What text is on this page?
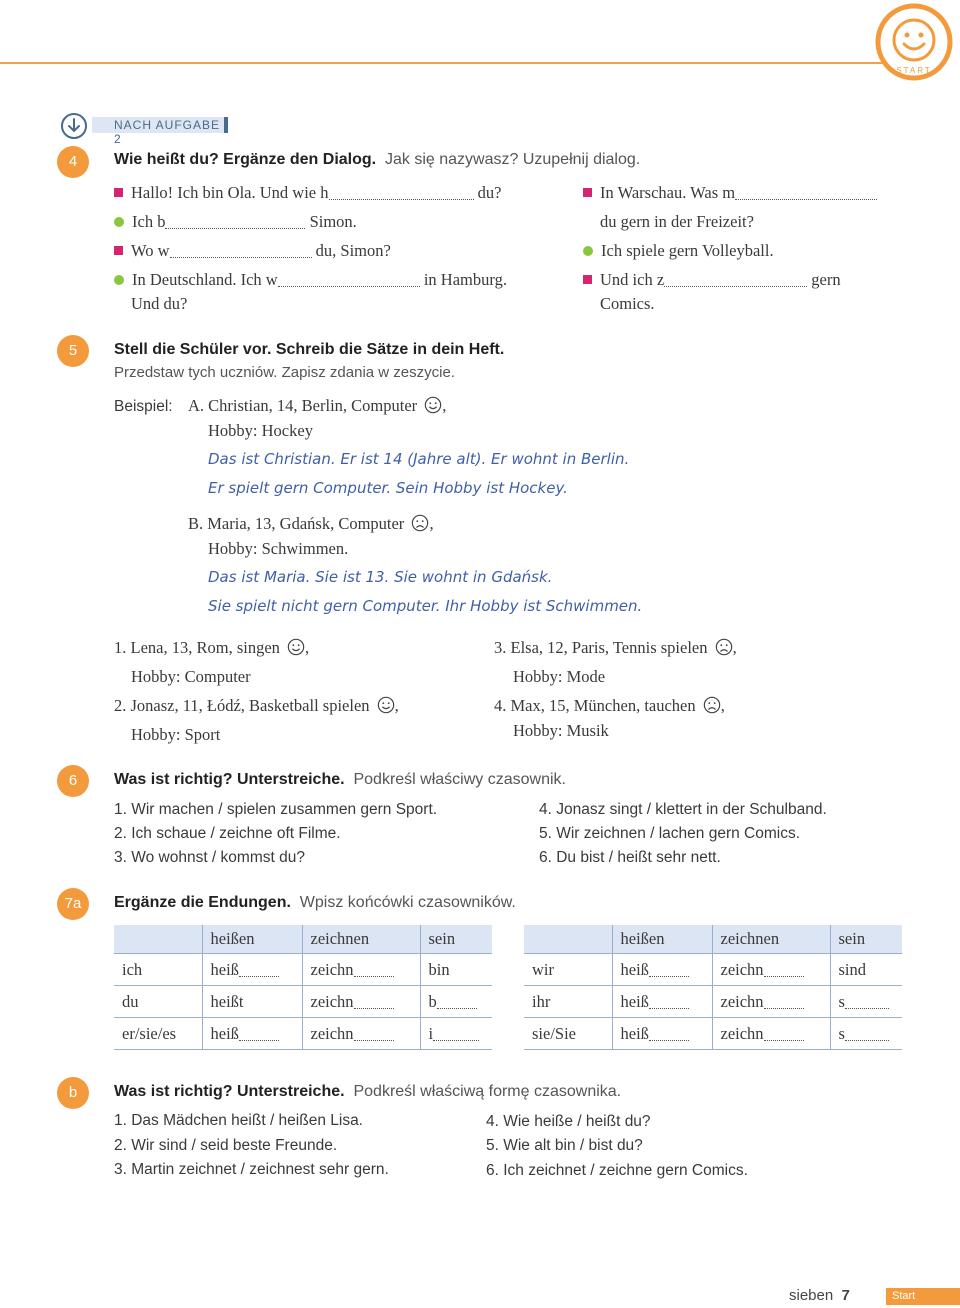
START
NACH AUFGABE 2
4	Wie heißt du? Ergänze den Dialog. Jak się nazywasz? Uzupełnij dialog.
Hallo! Ich bin Ola. Und wie h	du?
Ich b	Simon.
Wo w	du, Simon?
In Deutschland. Ich w	in Hamburg.
Und du?
In Warschau. Was m
du gern in der Freizeit?
Ich spiele gern Volleyball.
Und ich z	gern
Comics.
5	Stell die Schüler vor. Schreib die Sätze in dein Heft.
Przedstaw tych uczniów. Zapisz zdania w zeszycie.
Beispiel: A. Christian, 14, Berlin, Computer ,
Hobby: Hockey
Das ist Christian. Er ist 14 (Jahre alt). Er wohnt in Berlin.
Er spielt gern Computer. Sein Hobby ist Hockey.
B. Maria, 13, Gdańsk, Computer ,
Hobby: Schwimmen.
Das ist Maria. Sie ist 13. Sie wohnt in Gdańsk.
Sie spielt nicht gern Computer. Ihr Hobby ist Schwimmen.
1. Lena, 13, Rom, singen ,
Hobby: Computer
2. Jonasz, 11, Łódź, Basketball spielen ,
Hobby: Sport
3. Elsa, 12, Paris, Tennis spielen ,
Hobby: Mode
4. Max, 15, München, tauchen ,
Hobby: Musik
6	Was ist richtig? Unterstreiche. Podkreśl właściwy czasownik.
1. Wir machen / spielen zusammen gern Sport.
2. Ich schaue / zeichne oft Filme.
3. Wo wohnst / kommst du?
4. Jonasz singt / klettert in der Schulband.
5. Wir zeichnen / lachen gern Comics.
6. Du bist / heißt sehr nett.
7a	Ergänze die Endungen. Wpisz końcówki czasowników.
	heißen	zeichnen	sein
ich	heiß	zeichn	bin
du	heißt	zeichn	b
er/sie/es	heiß	zeichn	i
	heißen	zeichnen	sein
wir	heiß	zeichn	sind
ihr	heiß	zeichn	s
sie/Sie	heiß	zeichn	s
b	Was ist richtig? Unterstreiche. Podkreśl właściwą formę czasownika.
1. Das Mädchen heißt / heißen Lisa.
2. Wir sind / seid beste Freunde.
3. Martin zeichnet / zeichnest sehr gern.
4. Wie heiße / heißt du?
5. Wie alt bin / bist du?
6. Ich zeichnet / zeichne gern Comics.
sieben 7	Start
